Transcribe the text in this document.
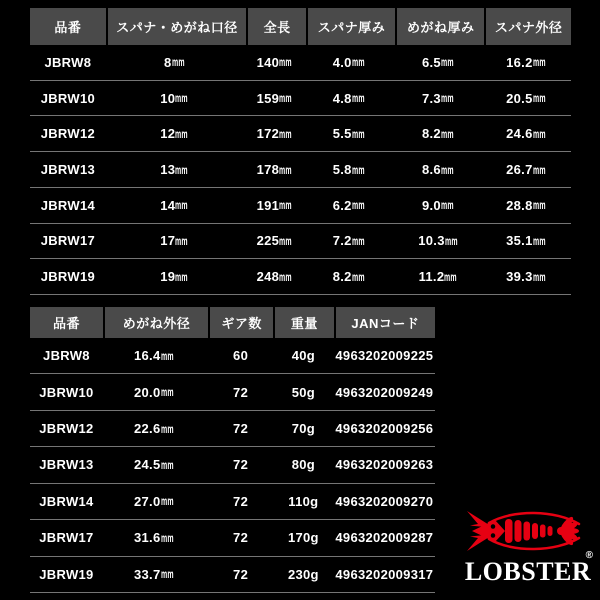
品番	スパナ・めがね口径	全長	スパナ厚み	めがね厚み	スパナ外径
JBRW8	8 mm	140 mm	4.0 mm	6.5 mm	16.2 mm
JBRW10	10 mm	159 mm	4.8 mm	7.3 mm	20.5 mm
JBRW12	12 mm	172 mm	5.5 mm	8.2 mm	24.6 mm
JBRW13	13 mm	178 mm	5.8 mm	8.6 mm	26.7 mm
JBRW14	14 mm	191 mm	6.2 mm	9.0 mm	28.8 mm
JBRW17	17 mm	225 mm	7.2 mm	10.3 mm	35.1 mm
JBRW19	19 mm	248 mm	8.2 mm	11.2 mm	39.3 mm
品番	めがね外径	ギア数	重量	JANコード
JBRW8	16.4 mm	60	40g	4963202009225
JBRW10	20.0 mm	72	50g	4963202009249
JBRW12	22.6 mm	72	70g	4963202009256
JBRW13	24.5 mm	72	80g	4963202009263
JBRW14	27.0 mm	72	110g	4963202009270
JBRW17	31.6 mm	72	170g	4963202009287
JBRW19	33.7 mm	72	230g	4963202009317
®
LOBSTER
